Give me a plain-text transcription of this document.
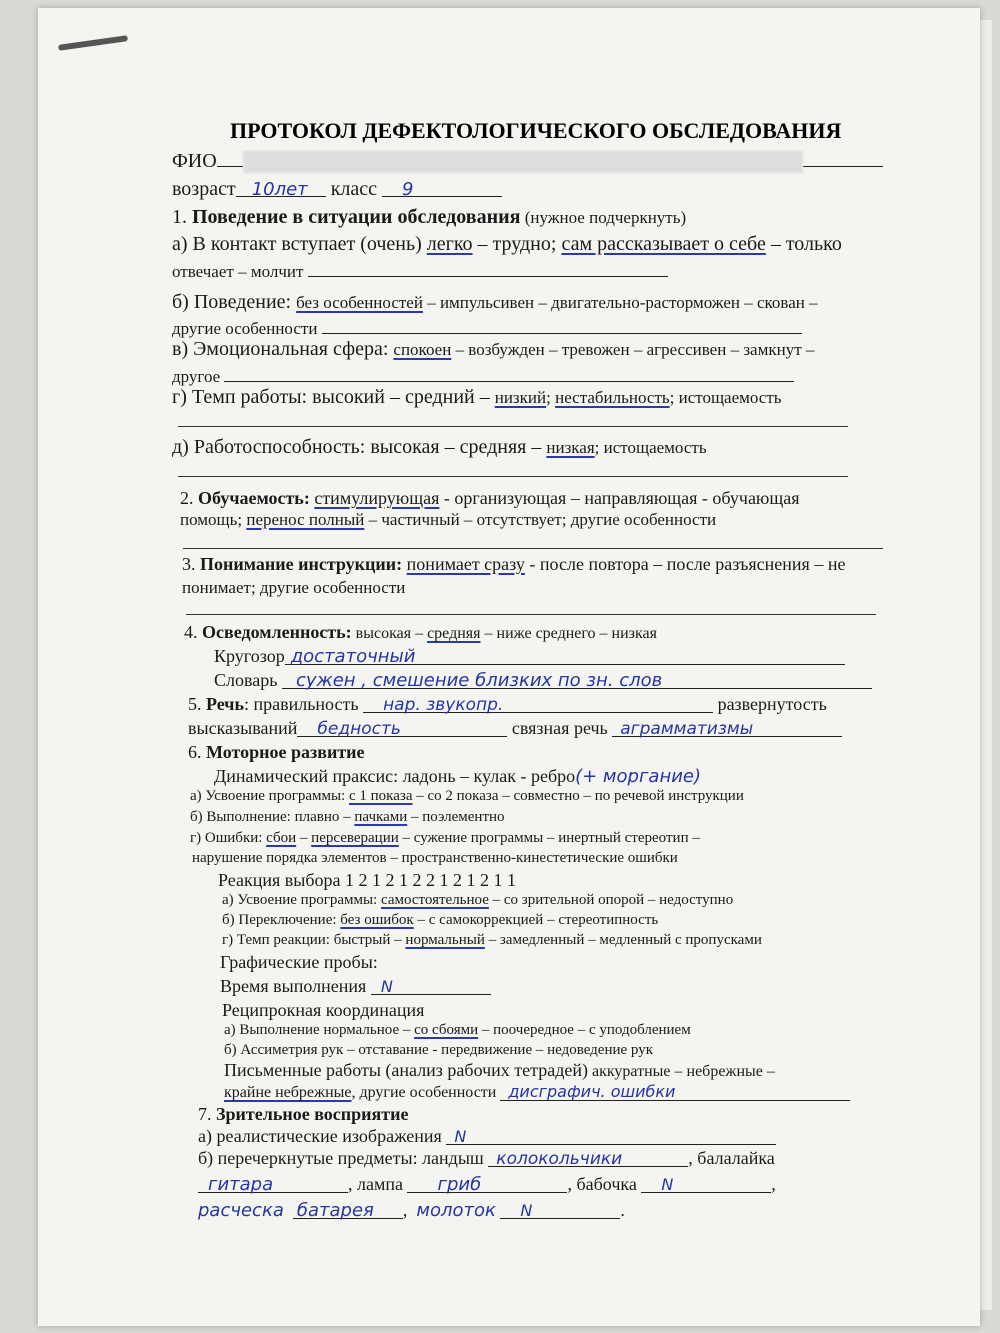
ПРОТОКОЛ ДЕФЕКТОЛОГИЧЕСКОГО ОБСЛЕДОВАНИЯ
ФИО
возраст 10лет класс 9
1. Поведение в ситуации обследования (нужное подчеркнуть)
а) В контакт вступает (очень) легко – трудно; сам рассказывает о себе – только
отвечает – молчит
б) Поведение: без особенностей – импульсивен – двигательно-расторможен – скован –
другие особенности
в) Эмоциональная сфера: спокоен – возбужден – тревожен – агрессивен – замкнут –
другое
г) Темп работы: высокий – средний – низкий; нестабильность; истощаемость
д) Работоспособность: высокая – средняя – низкая; истощаемость
2. Обучаемость: стимулирующая - организующая – направляющая - обучающая
помощь; перенос полный – частичный – отсутствует; другие особенности
3. Понимание инструкции: понимает сразу - после повтора – после разъяснения – не
понимает; другие особенности
4. Осведомленность: высокая – средняя – ниже среднего – низкая
Кругозор достаточный
Словарь сужен , смешение близких по зн. слов
5. Речь: правильность нар. звукопр.	развернутость
высказываний бедность	связная речь аграмматизмы
6. Моторное развитие
Динамический праксис: ладонь – кулак - ребро(+ моргание)
а) Усвоение программы: с 1 показа – со 2 показа – совместно – по речевой инструкции
б) Выполнение: плавно – пачками – поэлементно
г) Ошибки: сбои – персеверации – сужение программы – инертный стереотип –
нарушение порядка элементов – пространственно-кинестетические ошибки
Реакция выбора 1 2 1 2 1 2 2 1 2 1 2 1 1
а) Усвоение программы: самостоятельное – со зрительной опорой – недоступно
б) Переключение: без ошибок – с самокоррекцией – стереотипность
г) Темп реакции: быстрый – нормальный – замедленный – медленный с пропусками
Графические пробы:
Время выполнения N
Реципрокная координация
а) Выполнение нормальное – со сбоями – поочередное – с уподоблением
б) Ассиметрия рук – отставание - передвижение – недоведение рук
Письменные работы (анализ рабочих тетрадей) аккуратные – небрежные –
крайне небрежные, другие особенности дисграфич. ошибки
7. Зрительное восприятие
а) реалистические изображения N
б) перечеркнутые предметы: ландыш колокольчики	, балалайка
гитара	, лампа гриб	, бабочка N	,
расческа батарея , молоток N	.
